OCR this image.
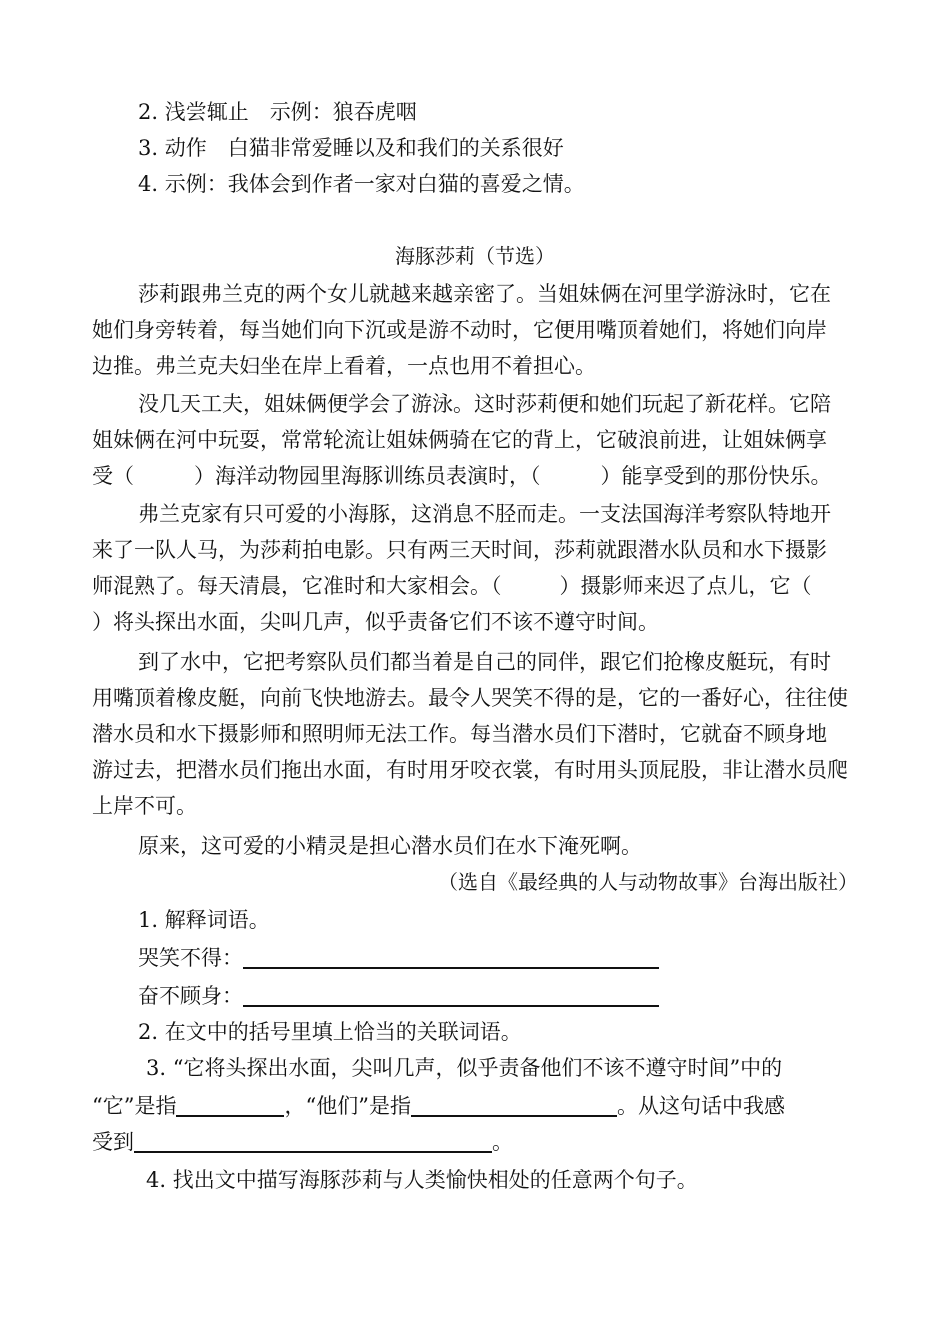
2. 浅尝辄止　示例：狼吞虎咽
3. 动作　白猫非常爱睡以及和我们的关系很好
4. 示例：我体会到作者一家对白猫的喜爱之情。
海豚莎莉（节选）
莎莉跟弗兰克的两个女儿就越来越亲密了。当姐妹俩在河里学游泳时，它在
她们身旁转着，每当她们向下沉或是游不动时，它便用嘴顶着她们，将她们向岸
边推。弗兰克夫妇坐在岸上看着，一点也用不着担心。
没几天工夫，姐妹俩便学会了游泳。这时莎莉便和她们玩起了新花样。它陪
姐妹俩在河中玩耍，常常轮流让姐妹俩骑在它的背上，它破浪前进，让姐妹俩享
受（	）海洋动物园里海豚训练员表演时，（	）能享受到的那份快乐。
弗兰克家有只可爱的小海豚，这消息不胫而走。一支法国海洋考察队特地开
来了一队人马，为莎莉拍电影。只有两三天时间，莎莉就跟潜水队员和水下摄影
师混熟了。每天清晨，它准时和大家相会。（	）摄影师来迟了点儿，它（
）将头探出水面，尖叫几声，似乎责备它们不该不遵守时间。
到了水中，它把考察队员们都当着是自己的同伴，跟它们抢橡皮艇玩，有时
用嘴顶着橡皮艇，向前飞快地游去。最令人哭笑不得的是，它的一番好心，往往使
潜水员和水下摄影师和照明师无法工作。每当潜水员们下潜时，它就奋不顾身地
游过去，把潜水员们拖出水面，有时用牙咬衣裳，有时用头顶屁股，非让潜水员爬
上岸不可。
原来，这可爱的小精灵是担心潜水员们在水下淹死啊。
（选自《最经典的人与动物故事》台海出版社）
1. 解释词语。
哭笑不得：
奋不顾身：
2. 在文中的括号里填上恰当的关联词语。
3. “它将头探出水面，尖叫几声，似乎责备他们不该不遵守时间”中的
“它”是指	，“他们”是指	。从这句话中我感
受到	。
4. 找出文中描写海豚莎莉与人类愉快相处的任意两个句子。
